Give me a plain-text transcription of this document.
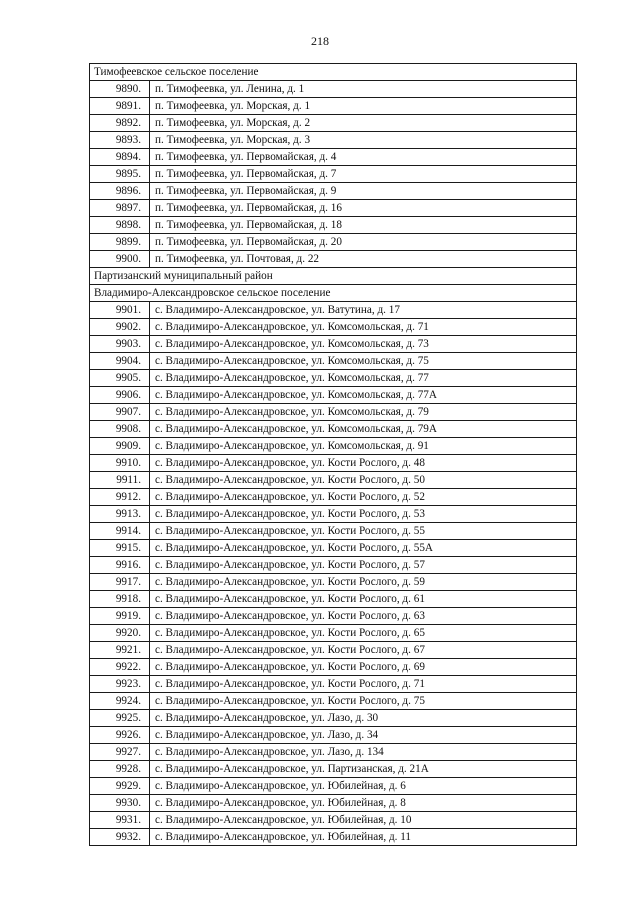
218
Тимофеевское сельское поселение	
9890.	п. Тимофеевка, ул. Ленина, д. 1
9891.	п. Тимофеевка, ул. Морская, д. 1
9892.	п. Тимофеевка, ул. Морская, д. 2
9893.	п. Тимофеевка, ул. Морская, д. 3
9894.	п. Тимофеевка, ул. Первомайская, д. 4
9895.	п. Тимофеевка, ул. Первомайская, д. 7
9896.	п. Тимофеевка, ул. Первомайская, д. 9
9897.	п. Тимофеевка, ул. Первомайская, д. 16
9898.	п. Тимофеевка, ул. Первомайская, д. 18
9899.	п. Тимофеевка, ул. Первомайская, д. 20
9900.	п. Тимофеевка, ул. Почтовая, д. 22
Партизанский муниципальный район	
Владимиро-Александровское сельское поселение	
9901.	с. Владимиро-Александровское, ул. Ватутина, д. 17
9902.	с. Владимиро-Александровское, ул. Комсомольская, д. 71
9903.	с. Владимиро-Александровское, ул. Комсомольская, д. 73
9904.	с. Владимиро-Александровское, ул. Комсомольская, д. 75
9905.	с. Владимиро-Александровское, ул. Комсомольская, д. 77
9906.	с. Владимиро-Александровское, ул. Комсомольская, д. 77А
9907.	с. Владимиро-Александровское, ул. Комсомольская, д. 79
9908.	с. Владимиро-Александровское, ул. Комсомольская, д. 79А
9909.	с. Владимиро-Александровское, ул. Комсомольская, д. 91
9910.	с. Владимиро-Александровское, ул. Кости Рослого, д. 48
9911.	с. Владимиро-Александровское, ул. Кости Рослого, д. 50
9912.	с. Владимиро-Александровское, ул. Кости Рослого, д. 52
9913.	с. Владимиро-Александровское, ул. Кости Рослого, д. 53
9914.	с. Владимиро-Александровское, ул. Кости Рослого, д. 55
9915.	с. Владимиро-Александровское, ул. Кости Рослого, д. 55А
9916.	с. Владимиро-Александровское, ул. Кости Рослого, д. 57
9917.	с. Владимиро-Александровское, ул. Кости Рослого, д. 59
9918.	с. Владимиро-Александровское, ул. Кости Рослого, д. 61
9919.	с. Владимиро-Александровское, ул. Кости Рослого, д. 63
9920.	с. Владимиро-Александровское, ул. Кости Рослого, д. 65
9921.	с. Владимиро-Александровское, ул. Кости Рослого, д. 67
9922.	с. Владимиро-Александровское, ул. Кости Рослого, д. 69
9923.	с. Владимиро-Александровское, ул. Кости Рослого, д. 71
9924.	с. Владимиро-Александровское, ул. Кости Рослого, д. 75
9925.	с. Владимиро-Александровское, ул. Лазо, д. 30
9926.	с. Владимиро-Александровское, ул. Лазо, д. 34
9927.	с. Владимиро-Александровское, ул. Лазо, д. 134
9928.	с. Владимиро-Александровское, ул. Партизанская, д. 21А
9929.	с. Владимиро-Александровское, ул. Юбилейная, д. 6
9930.	с. Владимиро-Александровское, ул. Юбилейная, д. 8
9931.	с. Владимиро-Александровское, ул. Юбилейная, д. 10
9932.	с. Владимиро-Александровское, ул. Юбилейная, д. 11
